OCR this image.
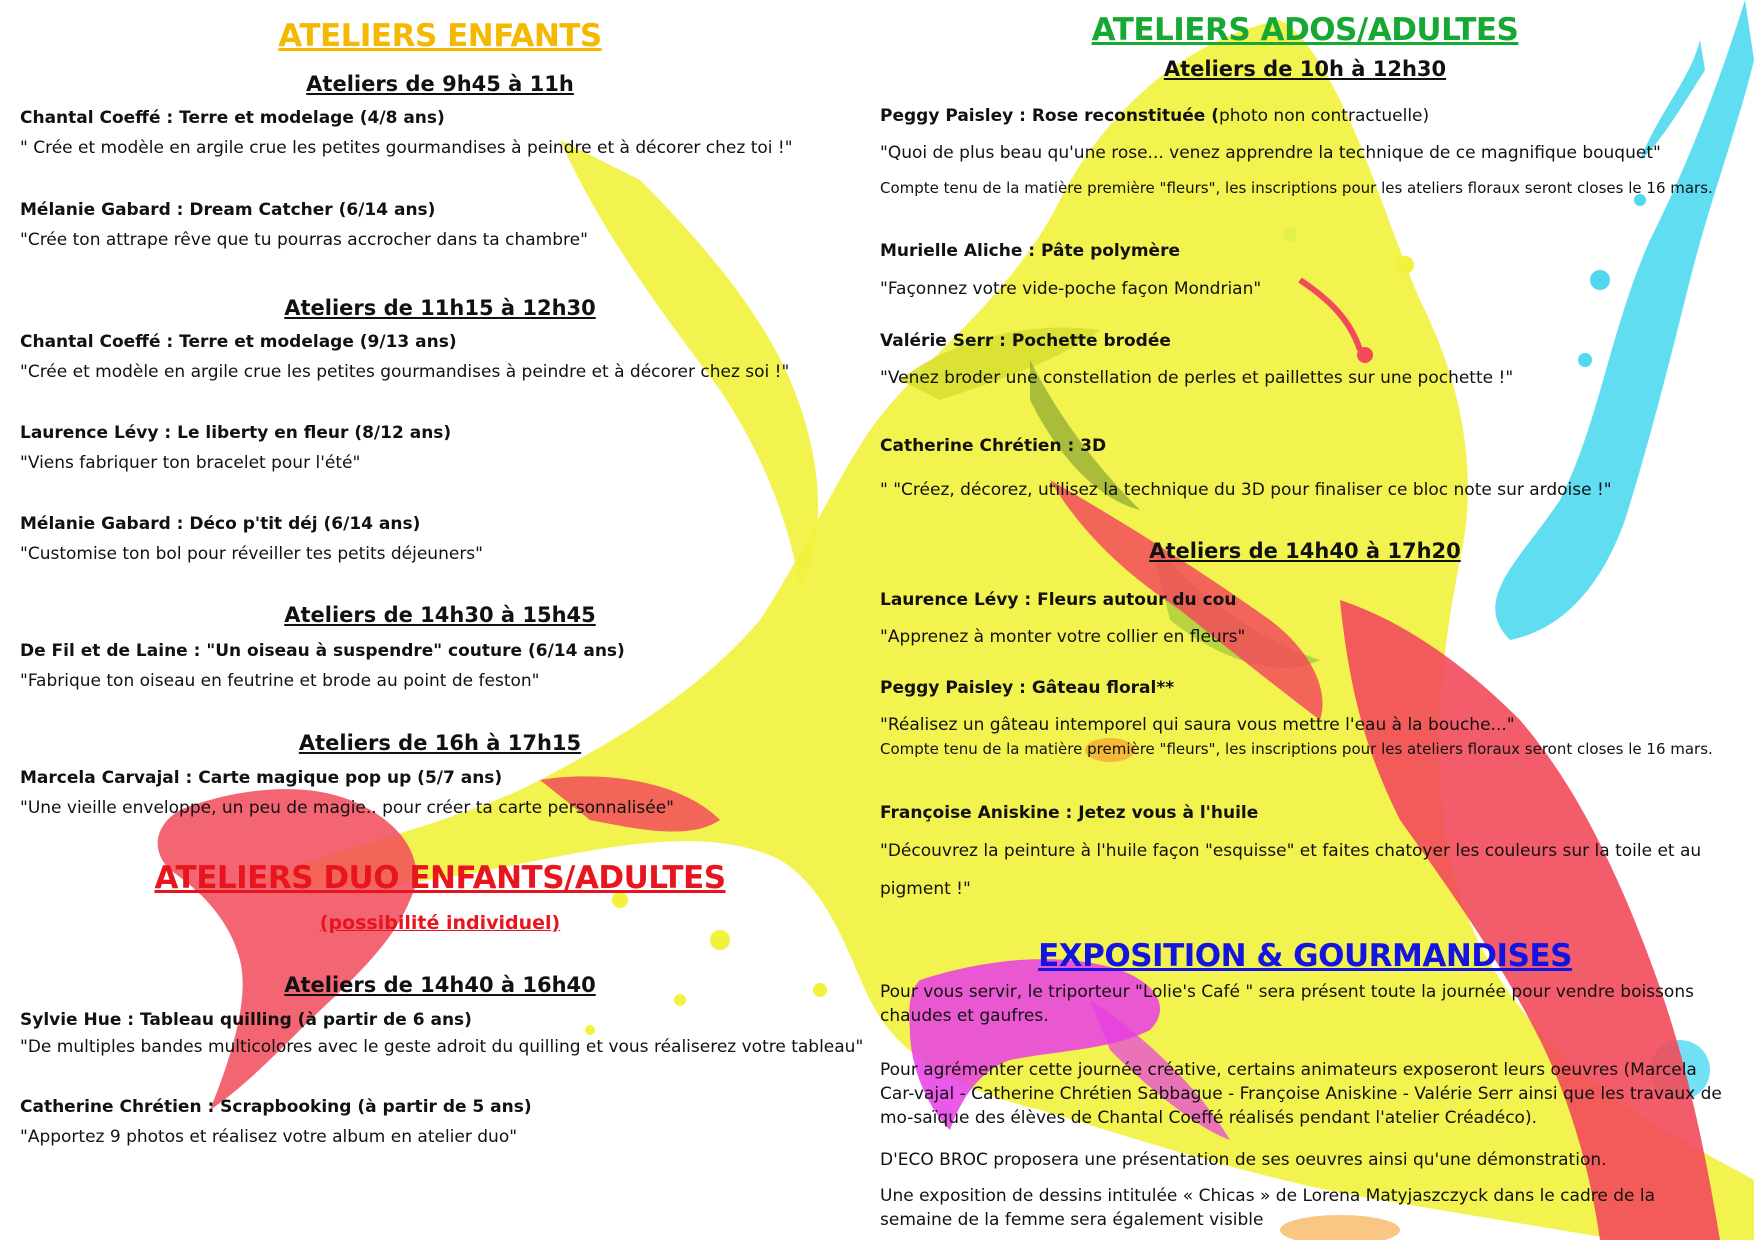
ATELIERS ENFANTS
Ateliers de 9h45 à 11h
Chantal Coeffé : Terre et modelage (4/8 ans)
" Crée et modèle en argile crue les petites gourmandises à peindre et à décorer chez toi !"
Mélanie Gabard : Dream Catcher (6/14 ans)
"Crée ton attrape rêve que tu pourras accrocher dans ta chambre"
Ateliers de 11h15 à 12h30
Chantal Coeffé : Terre et modelage (9/13 ans)
"Crée et modèle en argile crue les petites gourmandises à peindre et à décorer chez soi !"
Laurence Lévy : Le liberty en fleur (8/12 ans)
"Viens fabriquer ton bracelet pour l'été"
Mélanie Gabard : Déco p'tit déj (6/14 ans)
"Customise ton bol pour réveiller tes petits déjeuners"
Ateliers de 14h30 à 15h45
De Fil et de Laine : "Un oiseau à suspendre" couture (6/14 ans)
"Fabrique ton oiseau en feutrine et brode au point de feston"
Ateliers de 16h à 17h15
Marcela Carvajal : Carte magique pop up (5/7 ans)
"Une vieille enveloppe, un peu de magie.. pour créer ta carte personnalisée"
ATELIERS DUO ENFANTS/ADULTES
(possibilité individuel)
Ateliers de 14h40 à 16h40
Sylvie Hue : Tableau quilling (à partir de 6 ans)
"De multiples bandes multicolores avec le geste adroit du quilling et vous réaliserez votre tableau"
Catherine Chrétien : Scrapbooking (à partir de 5 ans)
"Apportez 9 photos et réalisez votre album en atelier duo"
ATELIERS ADOS/ADULTES
Ateliers de 10h à 12h30
Peggy Paisley : Rose reconstituée (photo non contractuelle)
"Quoi de plus beau qu'une rose... venez apprendre la technique de ce magnifique bouquet"
Compte tenu de la matière première "fleurs", les inscriptions pour les ateliers floraux seront closes le 16 mars.
Murielle Aliche : Pâte polymère
"Façonnez votre vide-poche façon Mondrian"
Valérie Serr : Pochette brodée
"Venez broder une constellation de perles et paillettes sur une pochette !"
Catherine Chrétien : 3D
" "Créez, décorez, utilisez la technique du 3D pour finaliser ce bloc note sur ardoise !"
Ateliers de 14h40 à 17h20
Laurence Lévy : Fleurs autour du cou
"Apprenez à monter votre collier en fleurs"
Peggy Paisley : Gâteau floral**
"Réalisez un gâteau intemporel qui saura vous mettre l'eau à la bouche..."
Compte tenu de la matière première "fleurs", les inscriptions pour les ateliers floraux seront closes le 16 mars.
Françoise Aniskine : Jetez vous à l'huile
"Découvrez la peinture à l'huile façon "esquisse" et faites chatoyer les couleurs sur la toile et au
pigment !"
EXPOSITION & GOURMANDISES
Pour vous servir, le triporteur "Lolie's Café " sera présent toute la journée pour vendre boissons chaudes et gaufres.
Pour agrémenter cette journée créative, certains animateurs exposeront leurs oeuvres (Marcela Car-vajal - Catherine Chrétien Sabbague - Françoise Aniskine - Valérie Serr ainsi que les travaux de mo-saïque des élèves de Chantal Coeffé réalisés pendant l'atelier Créadéco).
D'ECO BROC proposera une présentation de ses oeuvres ainsi qu'une démonstration.
Une exposition de dessins intitulée « Chicas » de Lorena Matyjaszczyck dans le cadre de la semaine de la femme sera également visible
